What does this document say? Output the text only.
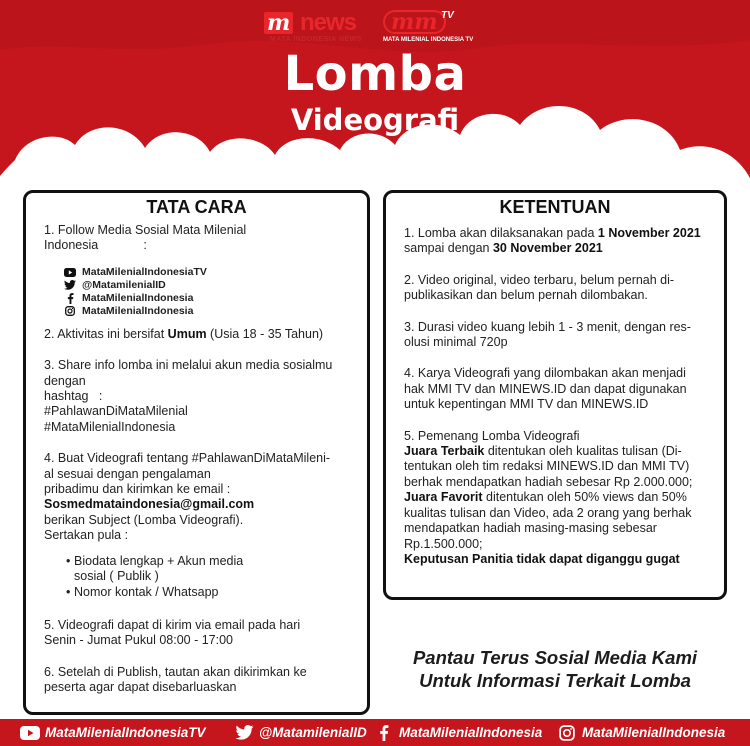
m news
MATA INDONESIA NEWS
mm TV
MATA MILENIAL INDONESIA TV
Lomba
Videografi
TATA CARA

1. Follow Media Sosial Mata Milenial

Indonesia             :

MataMilenialIndonesiaTV
@MatamilenialID
MataMilenialIndonesia
MataMilenialIndonesia

2. Aktivitas ini bersifat Umum (Usia 18 - 35 Tahun)

3. Share info lomba ini melalui akun media sosialmu

dengan

hashtag   :

#PahlawanDiMataMilenial

#MataMilenialIndonesia

4. Buat Videografi tentang #PahlawanDiMataMileni-

al sesuai dengan pengalaman

pribadimu dan kirimkan ke email :

Sosmedmataindonesia@gmail.com

berikan Subject (Lomba Videografi).

Sertakan pula :

• Biodata lengkap + Akun media
sosial ( Publik )
• Nomor kontak / Whatsapp

5. Videografi dapat di kirim via email pada hari

Senin - Jumat Pukul 08:00 - 17:00

6. Setelah di Publish, tautan akan dikirimkan ke

peserta agar dapat disebarluaskan

KETENTUAN

1. Lomba akan dilaksanakan pada 1 November 2021

sampai dengan 30 November 2021

2. Video original, video terbaru, belum pernah di-

publikasikan dan belum pernah dilombakan.

3. Durasi video kuang lebih 1 - 3 menit, dengan res-

olusi minimal 720p

4. Karya Videografi yang dilombakan akan menjadi

hak MMI TV dan MINEWS.ID dan dapat digunakan

untuk kepentingan MMI TV dan MINEWS.ID

5. Pemenang Lomba Videografi

Juara Terbaik ditentukan oleh kualitas tulisan (Di-

tentukan oleh tim redaksi MINEWS.ID dan MMI TV)

berhak mendapatkan hadiah sebesar Rp 2.000.000;

Juara Favorit ditentukan oleh 50% views dan 50%

kualitas tulisan dan Video, ada 2 orang yang berhak

mendapatkan hadiah masing-masing sebesar

Rp.1.500.000;

Keputusan Panitia tidak dapat diganggu gugat

Pantau Terus Sosial Media Kami
Untuk Informasi Terkait Lomba
MataMilenialIndonesiaTV	@MatamilenialID MataMilenialIndonesia	MataMilenialIndonesia
